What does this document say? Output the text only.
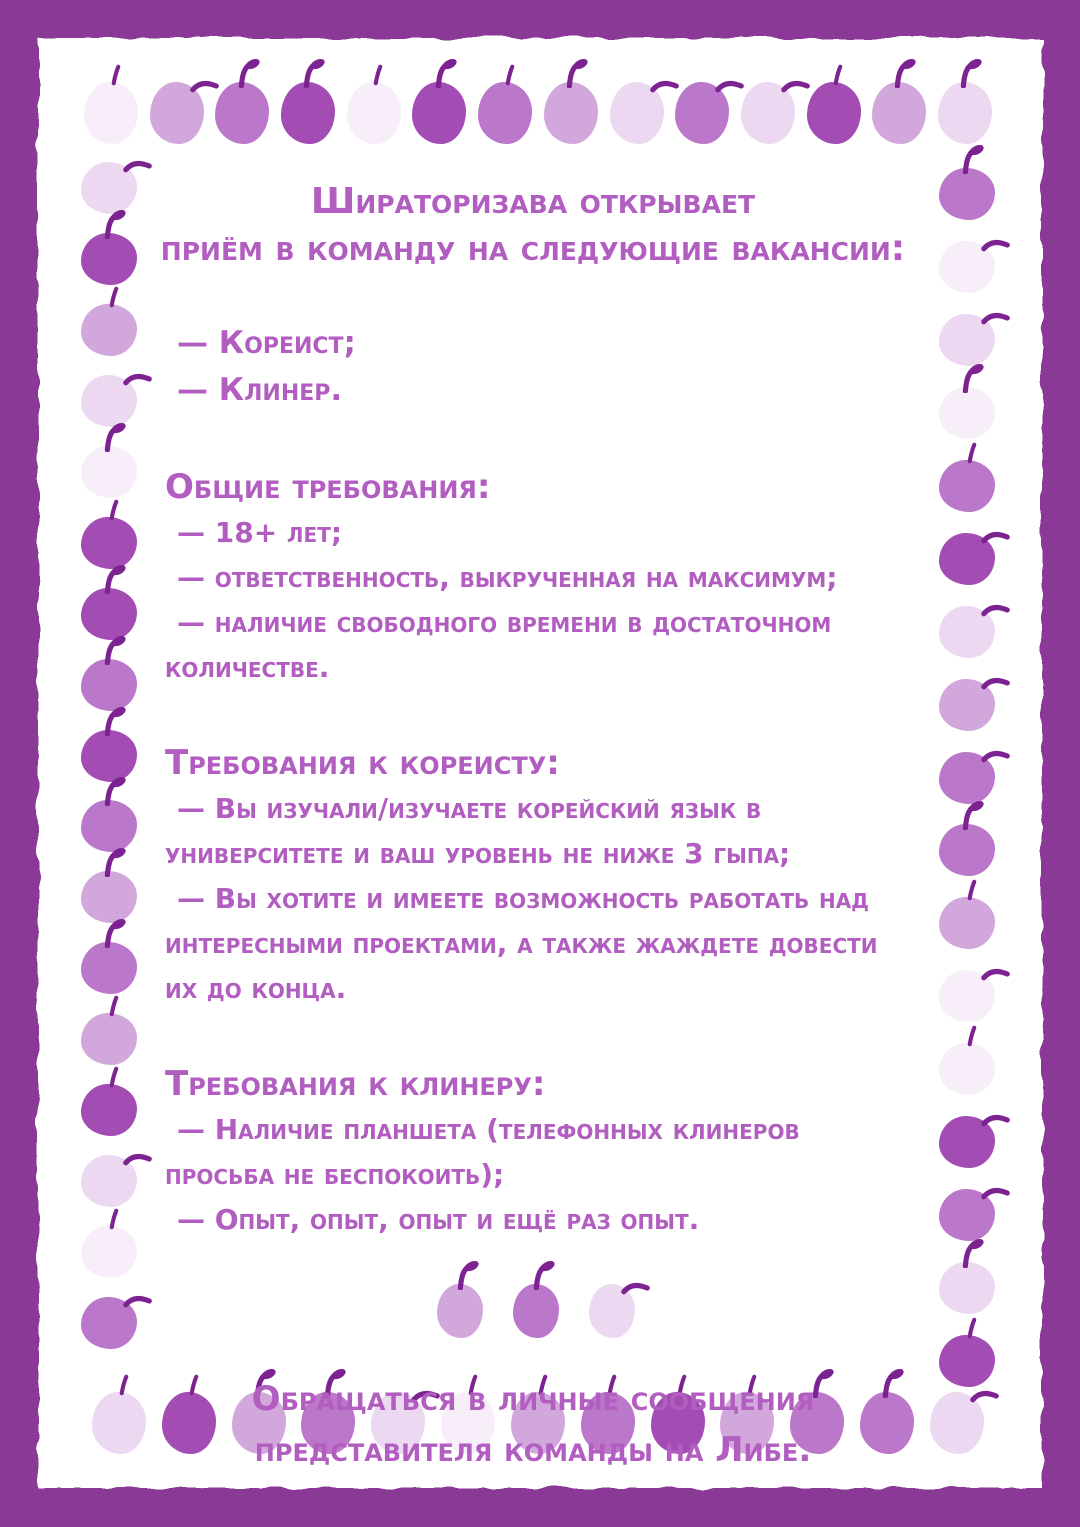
Шираторизава открывает
приём в команду на следующие вакансии:
— Кореист;
— Клинер.
Общие требования:
— 18+ лет;
— ответственность, выкрученная на максимум;
— наличие свободного времени в достаточном количестве.
Требования к кореисту:
— Вы изучали/изучаете корейский язык в университете и ваш уровень не ниже 3 гыпа;
— Вы хотите и имеете возможность работать над интересными проектами, а также жаждете довести их до конца.
Требования к клинеру:
— Наличие планшета (телефонных клинеров просьба не беспокоить);
— Опыт, опыт, опыт и ещё раз опыт.
Обращаться в личные сообщения
представителя команды на Либе.
